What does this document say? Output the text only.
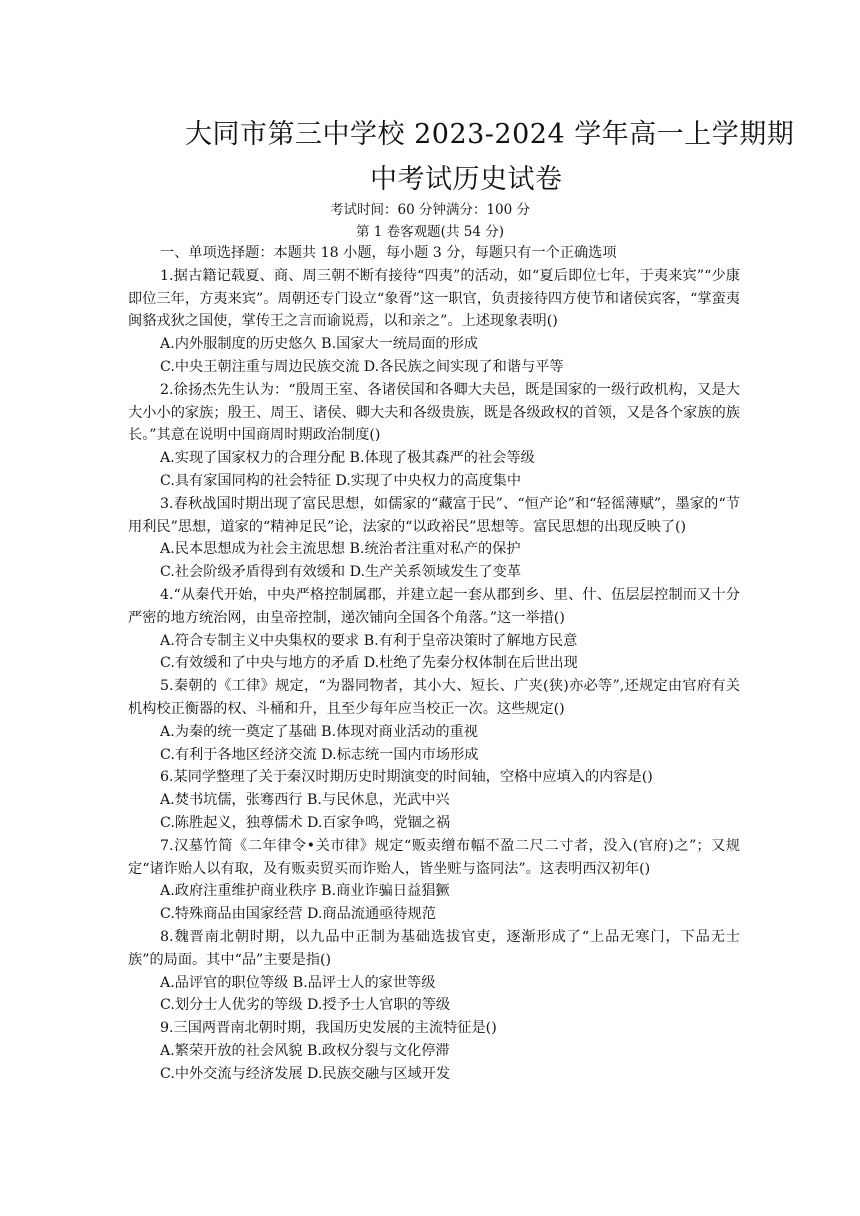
大同市第三中学校 2023-2024 学年高一上学期期
中考试历史试卷
考试时间：60 分钟满分：100 分
第 1 卷客观题(共 54 分)

一、单项选择题：本题共 18 小题，每小题 3 分，每题只有一个正确选项

1.据古籍记载夏、商、周三朝不断有接待“四夷”的活动，如“夏后即位七年，于夷来宾”“少康即位三年，方夷来宾”。周朝还专门设立“象胥”这一职官，负责接待四方使节和诸侯宾客，“掌蛮夷闽貉戎狄之国使，掌传王之言而谕说焉，以和亲之”。上述现象表明()

A.内外服制度的历史悠久 B.国家大一统局面的形成

C.中央王朝注重与周边民族交流 D.各民族之间实现了和谐与平等

2.徐扬杰先生认为：“殷周王室、各诸侯国和各卿大夫邑，既是国家的一级行政机构，又是大大小小的家族；殷王、周王、诸侯、卿大夫和各级贵族，既是各级政权的首领，又是各个家族的族长。”其意在说明中国商周时期政治制度()

A.实现了国家权力的合理分配 B.体现了极其森严的社会等级

C.具有家国同构的社会特征 D.实现了中央权力的高度集中

3.春秋战国时期出现了富民思想，如儒家的“藏富于民”、“恒产论”和“轻徭薄赋”，墨家的“节用利民”思想，道家的“精神足民”论，法家的“以政裕民”思想等。富民思想的出现反映了()

A.民本思想成为社会主流思想 B.统治者注重对私产的保护

C.社会阶级矛盾得到有效缓和 D.生产关系领域发生了变革

4.“从秦代开始，中央严格控制属郡，并建立起一套从郡到乡、里、什、伍层层控制而又十分严密的地方统治网，由皇帝控制，递次铺向全国各个角落。”这一举措()

A.符合专制主义中央集权的要求 B.有利于皇帝决策时了解地方民意

C.有效缓和了中央与地方的矛盾 D.杜绝了先秦分权体制在后世出现

5.秦朝的《工律》规定，“为器同物者，其小大、短长、广夹(狭)亦必等”,还规定由官府有关机构校正衡器的权、斗桶和升，且至少每年应当校正一次。这些规定()

A.为秦的统一奠定了基础 B.体现对商业活动的重视

C.有利于各地区经济交流 D.标志统一国内市场形成

6.某同学整理了关于秦汉时期历史时期演变的时间轴，空格中应填入的内容是()

A.焚书坑儒，张骞西行 B.与民休息，光武中兴

C.陈胜起义，独尊儒术 D.百家争鸣，党锢之祸

7.汉墓竹简《二年律令•关市律》规定“贩卖缯布幅不盈二尺二寸者，没入(官府)之”；又规定“诸诈贻人以有取，及有贩卖贸买而诈贻人，皆坐赃与盗同法”。这表明西汉初年()

A.政府注重维护商业秩序 B.商业诈骗日益猖獗

C.特殊商品由国家经营 D.商品流通亟待规范

8.魏晋南北朝时期，以九品中正制为基础选拔官吏，逐渐形成了“上品无寒门，下品无士族”的局面。其中“品”主要是指()

A.品评官的职位等级 B.品评士人的家世等级

C.划分士人优劣的等级 D.授予士人官职的等级

9.三国两晋南北朝时期，我国历史发展的主流特征是()

A.繁荣开放的社会风貌 B.政权分裂与文化停滞

C.中外交流与经济发展 D.民族交融与区域开发
